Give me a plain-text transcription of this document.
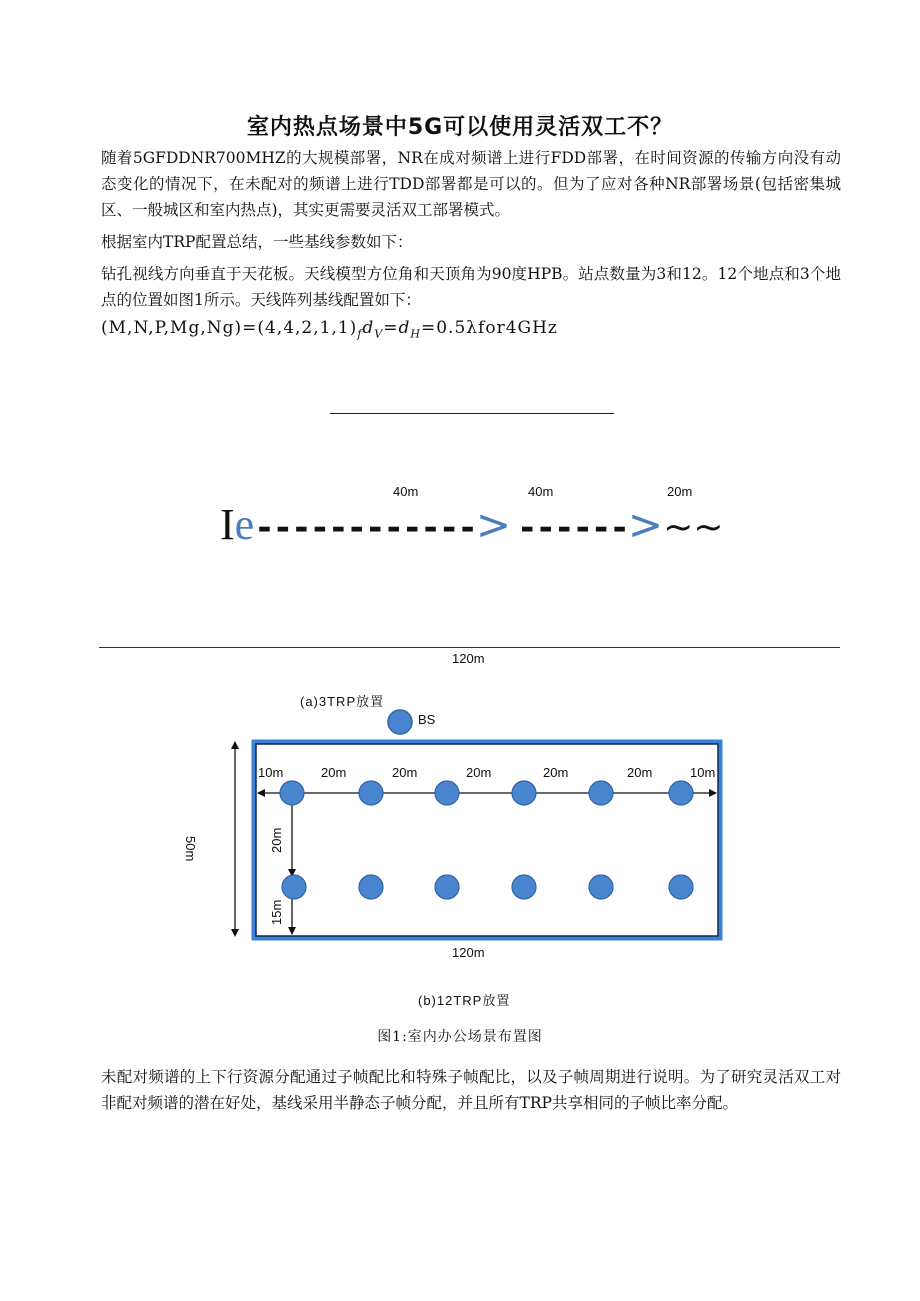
室内热点场景中5G可以使用灵活双工不？
随着5GFDDNR700MHZ的大规模部署，NR在成对频谱上进行FDD部署，在时间资源的传输方向没有动态变化的情况下，在未配对的频谱上进行TDD部署都是可以的。但为了应对各种NR部署场景(包括密集城区、一般城区和室内热点)，其实更需要灵活双工部署模式。
根据室内TRP配置总结，一些基线参数如下：
钻孔视线方向垂直于天花板。天线模型方位角和天顶角为90度HPB。站点数量为3和12。12个地点和3个地点的位置如图1所示。天线阵列基线配置如下：
$(M,N,P,Mg,Ng)=(4,4,2,1,1)_fd_V=d_H=0.5\lambda for4GHz$
40m	40m	20m
Ie------------> ------>~~
120m
(a)3TRP放置
BS
10m	20m	20m	20m	20m	20m	10m
50m	20m
15m
120m
(b)12TRP放置
图1:室内办公场景布置图
未配对频谱的上下行资源分配通过子帧配比和特殊子帧配比，以及子帧周期进行说明。为了研究灵活双工对非配对频谱的潜在好处，基线采用半静态子帧分配，并且所有TRP共享相同的子帧比率分配。
